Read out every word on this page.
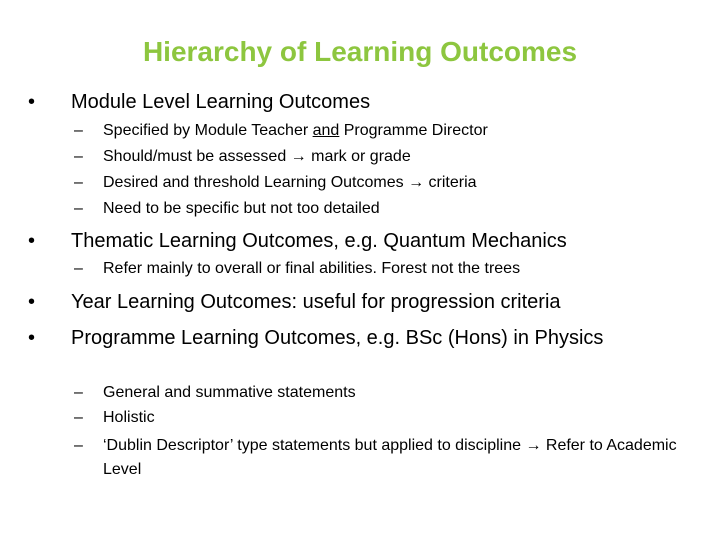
Hierarchy of Learning Outcomes
•	Module Level Learning Outcomes
–	Specified by Module Teacher and Programme Director
–	Should/must be assessed → mark or grade
–	Desired and threshold Learning Outcomes → criteria
–	Need to be specific but not too detailed
•	Thematic Learning Outcomes, e.g. Quantum Mechanics
–	Refer mainly to overall or final abilities. Forest not the trees
•	Year Learning Outcomes: useful for progression criteria
•	Programme Learning Outcomes, e.g. BSc (Hons) in Physics
–	General and summative statements
–	Holistic
–	‘Dublin Descriptor’ type statements but applied to discipline → Refer to Academic Level
